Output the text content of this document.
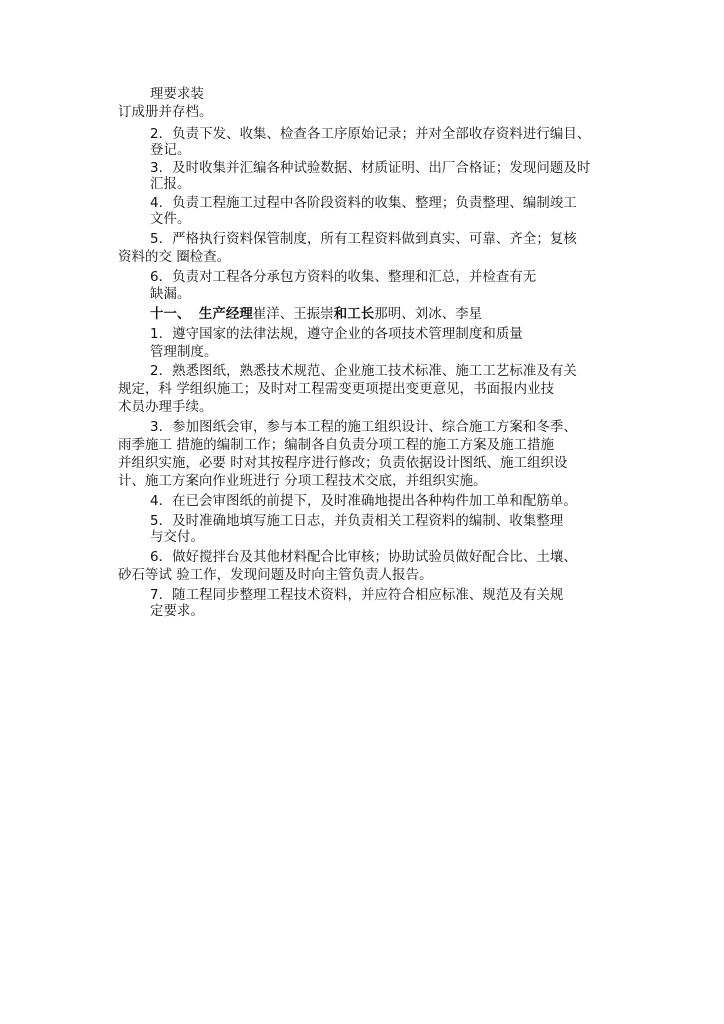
理要求装
订成册并存档。
2．负责下发、收集、检查各工序原始记录；并对全部收存资料进行编目、
登记。
3．及时收集并汇编各种试验数据、材质证明、出厂合格证；发现问题及时
汇报。
4．负责工程施工过程中各阶段资料的收集、整理；负责整理、编制竣工
文件。
5．严格执行资料保管制度，所有工程资料做到真实、可靠、齐全；复核
资料的交 圈检查。
6．负责对工程各分承包方资料的收集、整理和汇总，并检查有无
缺漏。
十一、 生产经理崔洋、王振崇和工长那明、刘冰、李星
1．遵守国家的法律法规，遵守企业的各项技术管理制度和质量
管理制度。
2．熟悉图纸，熟悉技术规范、企业施工技术标准、施工工艺标准及有关
规定，科 学组织施工；及时对工程需变更项提出变更意见，书面报内业技
术员办理手续。
3．参加图纸会审，参与本工程的施工组织设计、综合施工方案和冬季、
雨季施工 措施的编制工作；编制各自负责分项工程的施工方案及施工措施
并组织实施，必要 时对其按程序进行修改；负责依据设计图纸、施工组织设
计、施工方案向作业班进行 分项工程技术交底，并组织实施。
4．在已会审图纸的前提下，及时准确地提出各种构件加工单和配筋单。
5．及时准确地填写施工日志，并负责相关工程资料的编制、收集整理
与交付。
6．做好搅拌台及其他材料配合比审核；协助试验员做好配合比、土壤、
砂石等试 验工作，发现问题及时向主管负责人报告。
7．随工程同步整理工程技术资料，并应符合相应标准、规范及有关规
定要求。
